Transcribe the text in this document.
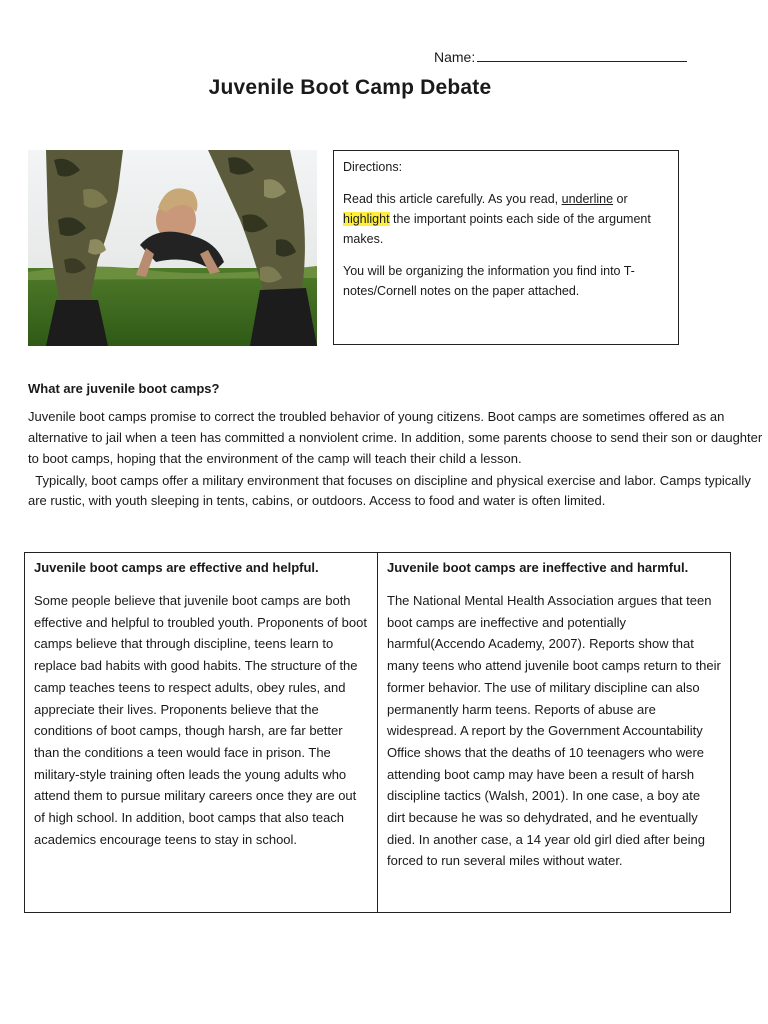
Name:
Juvenile Boot Camp Debate

Directions:

Read this article carefully. As you read, underline or
highlight the important points each side of the argument makes.

You will be organizing the information you find into T-notes/Cornell notes on the paper attached.

What are juvenile boot camps?
Juvenile boot camps promise to correct the troubled behavior of young citizens. Boot camps are sometimes offered as an alternative to jail when a teen has committed a nonviolent crime. In addition, some parents choose to send their son or daughter to boot camps, hoping that the environment of the camp will teach their child a lesson.
Typically, boot camps offer a military environment that focuses on discipline and physical exercise and labor. Camps typically are rustic, with youth sleeping in tents, cabins, or outdoors. Access to food and water is often limited.
Juvenile boot camps are effective and helpful.

Some people believe that juvenile boot camps are both effective and helpful to troubled youth. Proponents of boot camps believe that through discipline, teens learn to replace bad habits with good habits. The structure of the camp teaches teens to respect adults, obey rules, and appreciate their lives. Proponents believe that the conditions of boot camps, though harsh, are far better than the conditions a teen would face in prison. The military-style training often leads the young adults who attend them to pursue military careers once they are out of high school. In addition, boot camps that also teach academics encourage teens to stay in school.

Juvenile boot camps are ineffective and harmful.

The National Mental Health Association argues that teen boot camps are ineffective and potentially harmful(Accendo Academy, 2007). Reports show that many teens who attend juvenile boot camps return to their former behavior. The use of military discipline can also permanently harm teens. Reports of abuse are widespread. A report by the Government Accountability Office shows that the deaths of 10 teenagers who were attending boot camp may have been a result of harsh discipline tactics (Walsh, 2001). In one case, a boy ate dirt because he was so dehydrated, and he eventually died. In another case, a 14 year old girl died after being forced to run several miles without water.
